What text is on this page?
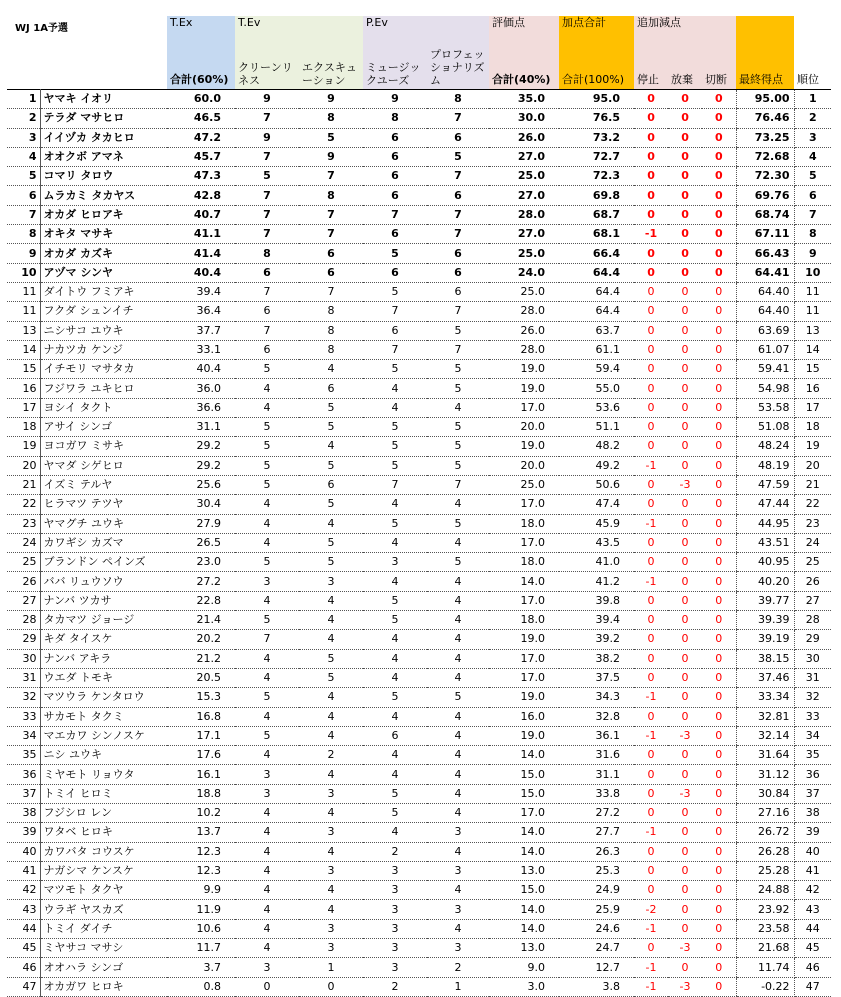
WJ 1A予選		T.Ex	T.Ev		P.Ev		評価点	加点合計	追加減点				
		合計(60%)	クリーンリネス	エクスキューション	ミュージックユーズ	プロフェッショナリズム	合計(40%)	合計(100%)	停止	放棄	切断	最終得点	順位
1	ヤマキ イオリ	60.0	9	9	9	8	35.0	95.0	0	0	0	95.00	1
2	テラダ マサヒロ	46.5	7	8	8	7	30.0	76.5	0	0	0	76.46	2
3	イイヅカ タカヒロ	47.2	9	5	6	6	26.0	73.2	0	0	0	73.25	3
4	オオクボ アマネ	45.7	7	9	6	5	27.0	72.7	0	0	0	72.68	4
5	コマリ タロウ	47.3	5	7	6	7	25.0	72.3	0	0	0	72.30	5
6	ムラカミ タカヤス	42.8	7	8	6	6	27.0	69.8	0	0	0	69.76	6
7	オカダ ヒロアキ	40.7	7	7	7	7	28.0	68.7	0	0	0	68.74	7
8	オキタ マサキ	41.1	7	7	6	7	27.0	68.1	-1	0	0	67.11	8
9	オカダ カズキ	41.4	8	6	5	6	25.0	66.4	0	0	0	66.43	9
10	アヅマ シンヤ	40.4	6	6	6	6	24.0	64.4	0	0	0	64.41	10
11	ダイトウ フミアキ	39.4	7	7	5	6	25.0	64.4	0	0	0	64.40	11
11	フクダ シュンイチ	36.4	6	8	7	7	28.0	64.4	0	0	0	64.40	11
13	ニシサコ ユウキ	37.7	7	8	6	5	26.0	63.7	0	0	0	63.69	13
14	ナカツカ ケンジ	33.1	6	8	7	7	28.0	61.1	0	0	0	61.07	14
15	イチモリ マサタカ	40.4	5	4	5	5	19.0	59.4	0	0	0	59.41	15
16	フジワラ ユキヒロ	36.0	4	6	4	5	19.0	55.0	0	0	0	54.98	16
17	ヨシイ タクト	36.6	4	5	4	4	17.0	53.6	0	0	0	53.58	17
18	アサイ シンゴ	31.1	5	5	5	5	20.0	51.1	0	0	0	51.08	18
19	ヨコガワ ミサキ	29.2	5	4	5	5	19.0	48.2	0	0	0	48.24	19
20	ヤマダ シゲヒロ	29.2	5	5	5	5	20.0	49.2	-1	0	0	48.19	20
21	イズミ テルヤ	25.6	5	6	7	7	25.0	50.6	0	-3	0	47.59	21
22	ヒラマツ テツヤ	30.4	4	5	4	4	17.0	47.4	0	0	0	47.44	22
23	ヤマグチ ユウキ	27.9	4	4	5	5	18.0	45.9	-1	0	0	44.95	23
24	カワギシ カズマ	26.5	4	5	4	4	17.0	43.5	0	0	0	43.51	24
25	ブランドン ペインズ	23.0	5	5	3	5	18.0	41.0	0	0	0	40.95	25
26	ババ リュウソウ	27.2	3	3	4	4	14.0	41.2	-1	0	0	40.20	26
27	ナンバ ツカサ	22.8	4	4	5	4	17.0	39.8	0	0	0	39.77	27
28	タカマツ ジョージ	21.4	5	4	5	4	18.0	39.4	0	0	0	39.39	28
29	キダ タイスケ	20.2	7	4	4	4	19.0	39.2	0	0	0	39.19	29
30	ナンバ アキラ	21.2	4	5	4	4	17.0	38.2	0	0	0	38.15	30
31	ウエダ トモキ	20.5	4	5	4	4	17.0	37.5	0	0	0	37.46	31
32	マツウラ ケンタロウ	15.3	5	4	5	5	19.0	34.3	-1	0	0	33.34	32
33	サカモト タクミ	16.8	4	4	4	4	16.0	32.8	0	0	0	32.81	33
34	マエカワ シンノスケ	17.1	5	4	6	4	19.0	36.1	-1	-3	0	32.14	34
35	ニシ ユウキ	17.6	4	2	4	4	14.0	31.6	0	0	0	31.64	35
36	ミヤモト リョウタ	16.1	3	4	4	4	15.0	31.1	0	0	0	31.12	36
37	トミイ ヒロミ	18.8	3	3	5	4	15.0	33.8	0	-3	0	30.84	37
38	フジシロ レン	10.2	4	4	5	4	17.0	27.2	0	0	0	27.16	38
39	ワタベ ヒロキ	13.7	4	3	4	3	14.0	27.7	-1	0	0	26.72	39
40	カワバタ コウスケ	12.3	4	4	2	4	14.0	26.3	0	0	0	26.28	40
41	ナガシマ ケンスケ	12.3	4	3	3	3	13.0	25.3	0	0	0	25.28	41
42	マツモト タクヤ	9.9	4	4	3	4	15.0	24.9	0	0	0	24.88	42
43	ウラギ ヤスカズ	11.9	4	4	3	3	14.0	25.9	-2	0	0	23.92	43
44	トミイ ダイチ	10.6	4	3	3	4	14.0	24.6	-1	0	0	23.58	44
45	ミヤサコ マサシ	11.7	4	3	3	3	13.0	24.7	0	-3	0	21.68	45
46	オオハラ シンゴ	3.7	3	1	3	2	9.0	12.7	-1	0	0	11.74	46
47	オカガワ ヒロキ	0.8	0	0	2	1	3.0	3.8	-1	-3	0	-0.22	47
